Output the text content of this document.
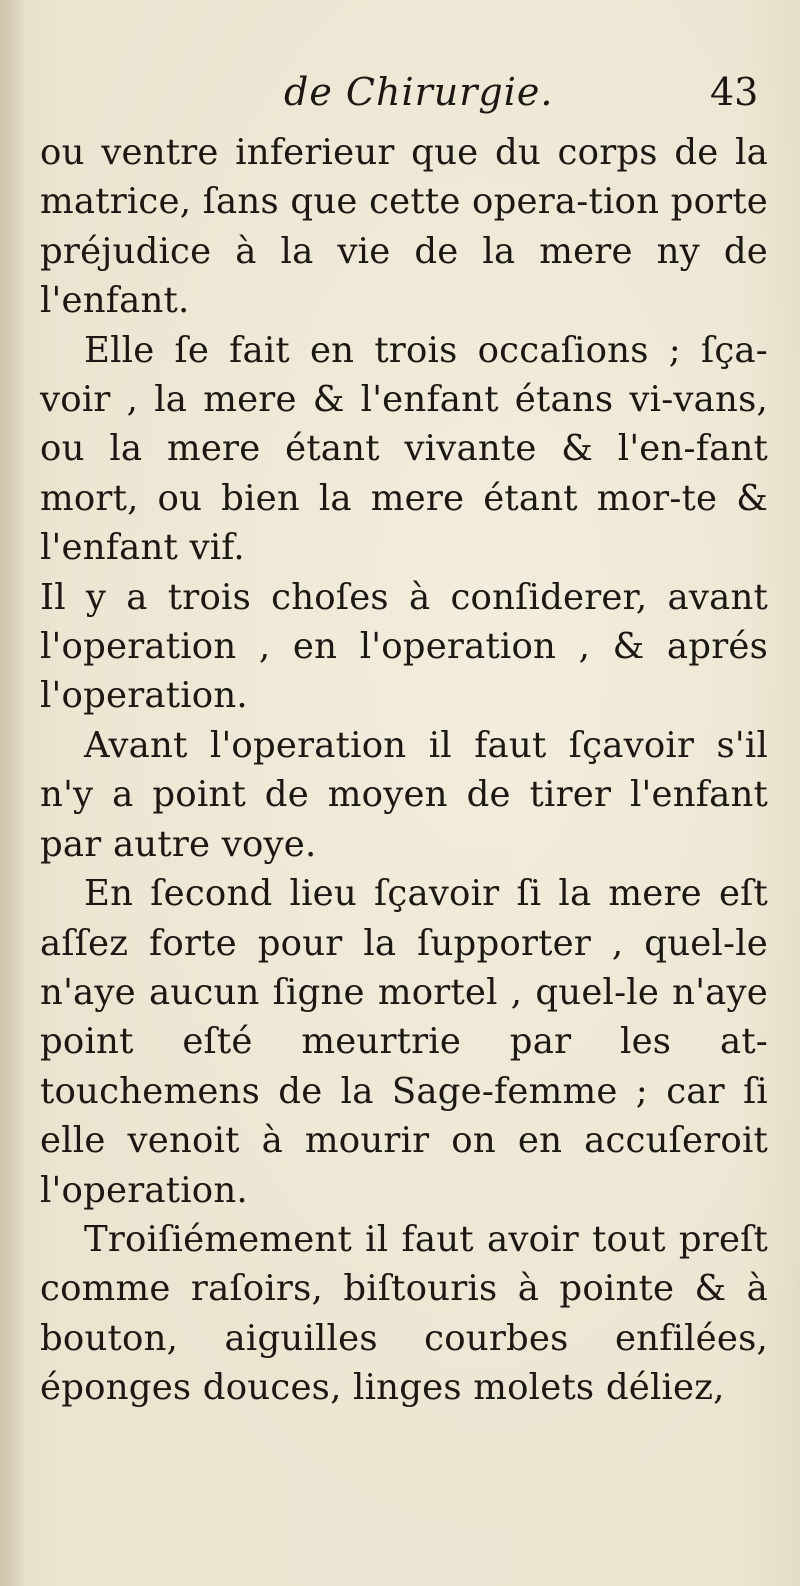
de Chirurgie.	43

ou ventre inferieur que du corps de la matrice, ſans que cette opera-tion porte préjudice à la vie de la mere ny de l'enfant.

Elle ſe fait en trois occaſions ; ſça-voir , la mere & l'enfant étans vi-vans, ou la mere étant vivante & l'en-fant mort, ou bien la mere étant mor-te & l'enfant vif.

Il y a trois choſes à conſiderer, avant l'operation , en l'operation , & aprés l'operation.

Avant l'operation il faut ſçavoir s'il n'y a point de moyen de tirer l'enfant par autre voye.

En ſecond lieu ſçavoir ſi la mere eſt aſſez forte pour la ſupporter , quel-le n'aye aucun ſigne mortel , quel-le n'aye point eſté meurtrie par les at-touchemens de la Sage-femme ; car ſi elle venoit à mourir on en accuſeroit l'operation.

Troiſiémement il faut avoir tout preſt comme raſoirs, biſtouris à pointe & à bouton, aiguilles courbes enfilées, éponges douces, linges molets déliez,
